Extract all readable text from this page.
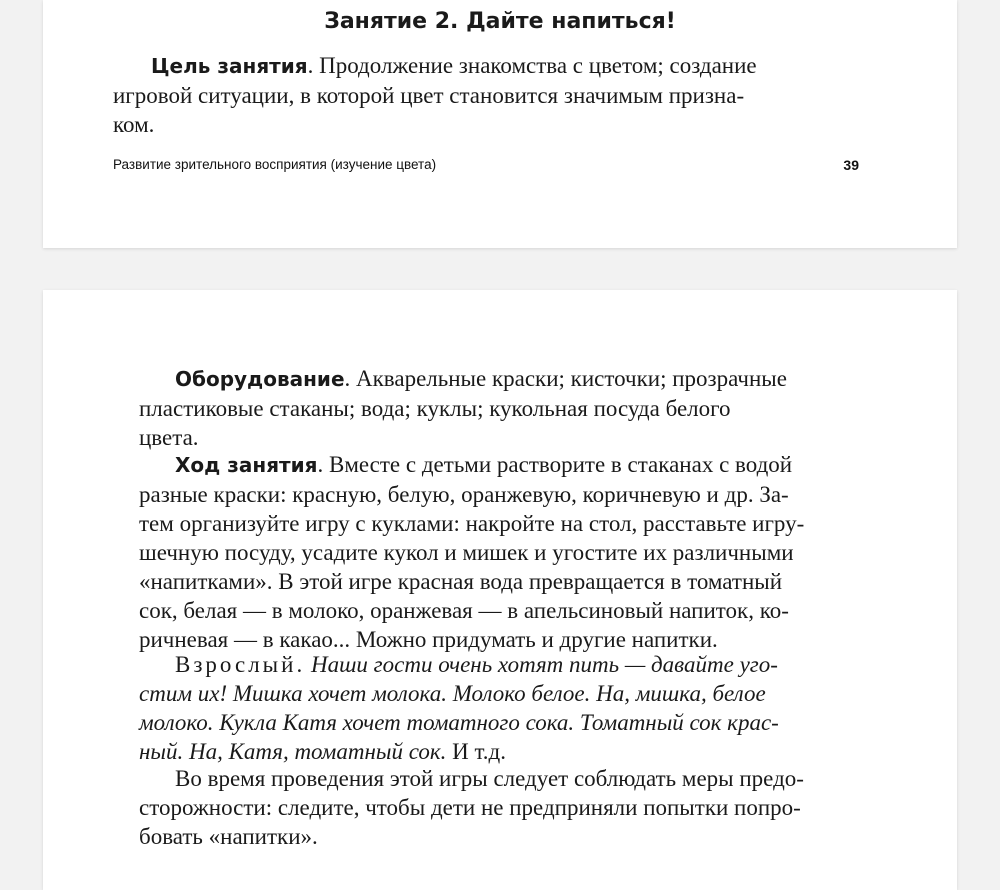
Занятие 2. Дайте напиться!

Цель занятия. Продолжение знакомства с цветом; создание
игровой ситуации, в которой цвет становится значимым призна-
ком.

Развитие зрительного восприятия (изучение цвета)	39

Оборудование. Акварельные краски; кисточки; прозрачные
пластиковые стаканы; вода; куклы; кукольная посуда белого
цвета.

Ход занятия. Вместе с детьми растворите в стаканах с водой
разные краски: красную, белую, оранжевую, коричневую и др. За-
тем организуйте игру с куклами: накройте на стол, расставьте игру-
шечную посуду, усадите кукол и мишек и угостите их различными
«напитками». В этой игре красная вода превращается в томатный
сок, белая — в молоко, оранжевая — в апельсиновый напиток, ко-
ричневая — в какао... Можно придумать и другие напитки.

Взрослый. Наши гости очень хотят пить — давайте уго-
стим их! Мишка хочет молока. Молоко белое. На, мишка, белое
молоко. Кукла Катя хочет томатного сока. Томатный сок крас-
ный. На, Катя, томатный сок. И т.д.

Во время проведения этой игры следует соблюдать меры предо-
сторожности: следите, чтобы дети не предприняли попытки попро-
бовать «напитки».
